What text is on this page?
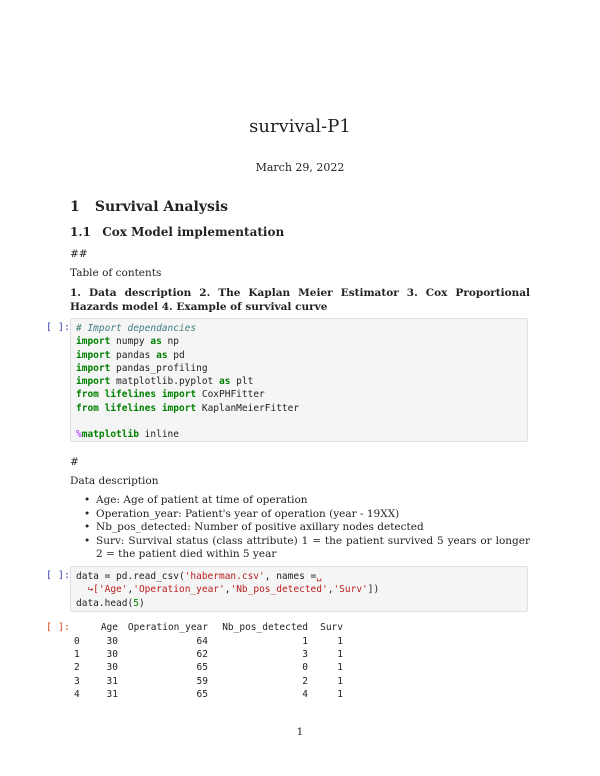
survival-P1
March 29, 2022
1 Survival Analysis
1.1 Cox Model implementation
##
Table of contents
1. Data description 2. The Kaplan Meier Estimator 3. Cox Proportional Hazards model 4. Example of survival curve
[ ]: # Import dependancies
import numpy as np
import pandas as pd
import pandas_profiling
import matplotlib.pyplot as plt
from lifelines import CoxPHFitter
from lifelines import KaplanMeierFitter
%matplotlib inline
#
Data description
• Age: Age of patient at time of operation
• Operation_year: Patient's year of operation (year - 19XX)
• Nb_pos_detected: Number of positive axillary nodes detected
• Surv: Survival status (class attribute) 1 = the patient survived 5 years or longer 2 = the patient died within 5 year
[ ]: data = pd.read_csv('haberman.csv', names =␣
↪['Age','Operation_year','Nb_pos_detected','Surv'])
data.head(5)
[ ]:
		Age	Operation_year	Nb_pos_detected	Surv
0	30	64	1	1
1	30	62	3	1
2	30	65	0	1
3	31	59	2	1
4	31	65	4	1
1
